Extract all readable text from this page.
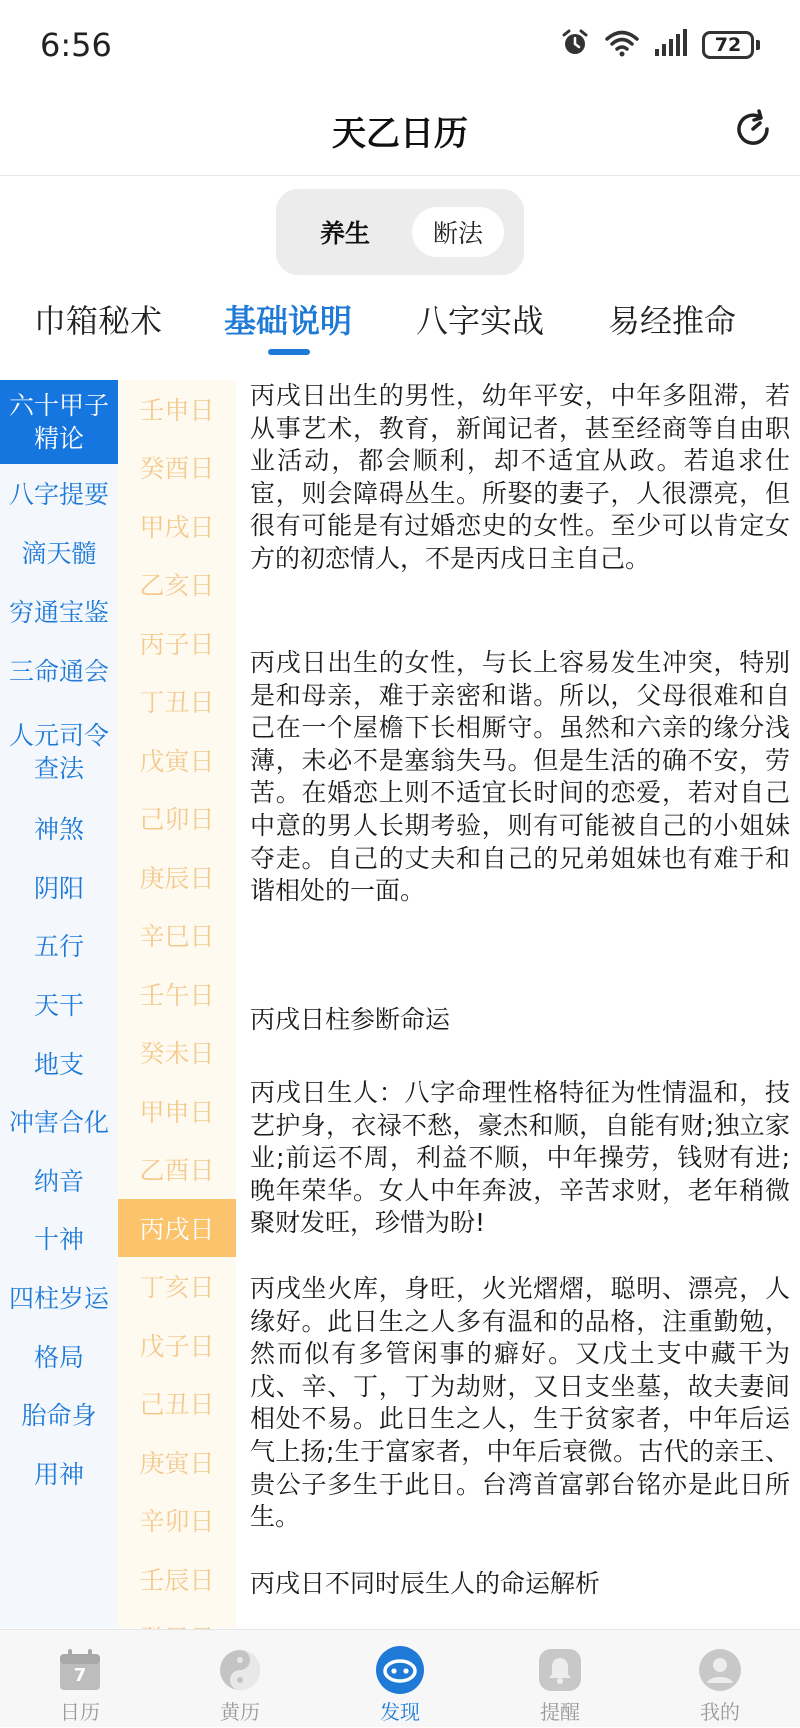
6:56	72
天乙日历
养生	断法
巾箱秘术 基础说明 八字实战 易经推命
六十甲子
精论
八字提要
滴天髓
穷通宝鉴
三命通会
人元司令
查法
神煞
阴阳
五行
天干
地支
冲害合化
纳音
十神
四柱岁运
格局
胎命身
用神
壬申日
癸酉日
甲戌日
乙亥日
丙子日
丁丑日
戊寅日
己卯日
庚辰日
辛巳日
壬午日
癸未日
甲申日
乙酉日
丙戌日
丁亥日
戊子日
己丑日
庚寅日
辛卯日
壬辰日

丙戌日出生的男性，幼年平安，中年多阻滞，若从事艺术，教育，新闻记者，甚至经商等自由职业活动，都会顺利，却不适宜从政。若追求仕宦，则会障碍丛生。所娶的妻子，人很漂亮，但很有可能是有过婚恋史的女性。至少可以肯定女方的初恋情人，不是丙戌日主自己。

丙戌日出生的女性，与长上容易发生冲突，特别是和母亲，难于亲密和谐。所以，父母很难和自己在一个屋檐下长相厮守。虽然和六亲的缘分浅薄，未必不是塞翁失马。但是生活的确不安，劳苦。在婚恋上则不适宜长时间的恋爱，若对自己中意的男人长期考验，则有可能被自己的小姐妹夺走。自己的丈夫和自己的兄弟姐妹也有难于和谐相处的一面。

丙戌日柱参断命运

丙戌日生人：八字命理性格特征为性情温和，技艺护身，衣禄不愁，豪杰和顺，自能有财;独立家业;前运不周，利益不顺，中年操劳，钱财有进;晚年荣华。女人中年奔波，辛苦求财，老年稍微聚财发旺，珍惜为盼!

丙戌坐火库，身旺，火光熠熠，聪明、漂亮，人缘好。此日生之人多有温和的品格，注重勤勉，然而似有多管闲事的癖好。又戊土支中藏干为戊、辛、丁，丁为劫财，又日支坐墓，故夫妻间相处不易。此日生之人，生于贫家者，中年后运气上扬;生于富家者，中年后衰微。古代的亲王、贵公子多生于此日。台湾首富郭台铭亦是此日所生。

丙戌日不同时辰生人的命运解析

7
日历	黄历	发现	提醒	我的
